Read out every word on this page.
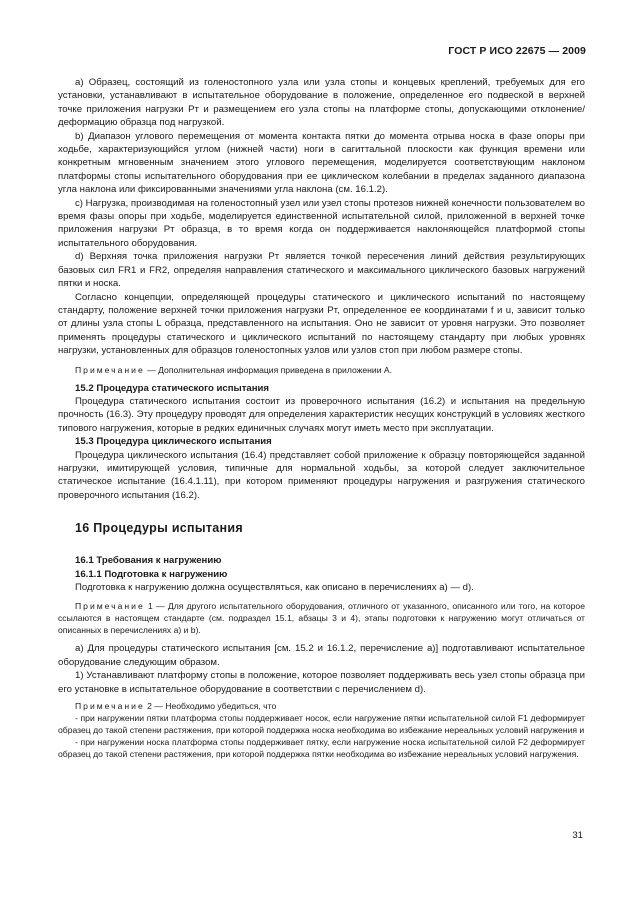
ГОСТ Р ИСО 22675 — 2009

а) Образец, состоящий из голеностопного узла или узла стопы и концевых креплений, требуемых для его установки, устанавливают в испытательное оборудование в положение, определенное его подвеской в верхней точке приложения нагрузки Pт и размещением его узла стопы на платформе стопы, допускающими отклонение/деформацию образца под нагрузкой.

b) Диапазон углового перемещения от момента контакта пятки до момента отрыва носка в фазе опоры при ходьбе, характеризующийся углом (нижней части) ноги в сагиттальной плоскости как функция времени или конкретным мгновенным значением этого углового перемещения, моделируется соответствующим наклоном платформы стопы испытательного оборудования при ее циклическом колебании в пределах заданного диапазона угла наклона или фиксированными значениями угла наклона (см. 16.1.2).

с) Нагрузка, производимая на голеностопный узел или узел стопы протезов нижней конечности пользователем во время фазы опоры при ходьбе, моделируется единственной испытательной силой, приложенной в верхней точке приложения нагрузки Pт образца, в то время когда он поддерживается наклоняющейся платформой стопы испытательного оборудования.

d) Верхняя точка приложения нагрузки Pт является точкой пересечения линий действия результирующих базовых сил FR1 и FR2, определяя направления статического и максимального циклического базовых нагружений пятки и носка.

Согласно концепции, определяющей процедуры статического и циклического испытаний по настоящему стандарту, положение верхней точки приложения нагрузки Pт, определенное ее координатами f и u, зависит только от длины узла стопы L образца, представленного на испытания. Оно не зависит от уровня нагрузки. Это позволяет применять процедуры статического и циклического испытаний по настоящему стандарту при любых уровнях нагрузки, установленных для образцов голеностопных узлов или узлов стоп при любом размере стопы.

Примечание — Дополнительная информация приведена в приложении А.

15.2 Процедура статического испытания

Процедура статического испытания состоит из проверочного испытания (16.2) и испытания на предельную прочность (16.3). Эту процедуру проводят для определения характеристик несущих конструкций в условиях жесткого типового нагружения, которые в редких единичных случаях могут иметь место при эксплуатации.

15.3 Процедура циклического испытания

Процедура циклического испытания (16.4) представляет собой приложение к образцу повторяющейся заданной нагрузки, имитирующей условия, типичные для нормальной ходьбы, за которой следует заключительное статическое испытание (16.4.1.11), при котором применяют процедуры нагружения и разгружения статического проверочного испытания (16.2).

16 Процедуры испытания
16.1 Требования к нагружению
16.1.1 Подготовка к нагружению

Подготовка к нагружению должна осуществляться, как описано в перечислениях а) — d).

Примечание 1 — Для другого испытательного оборудования, отличного от указанного, описанного или того, на которое ссылаются в настоящем стандарте (см. подраздел 15.1, абзацы 3 и 4), этапы подготовки к нагружению могут отличаться от описанных в перечислениях а) и b).

а) Для процедуры статического испытания [см. 15.2 и 16.1.2, перечисление а)] подготавливают испытательное оборудование следующим образом.

1) Устанавливают платформу стопы в положение, которое позволяет поддерживать весь узел стопы образца при его установке в испытательное оборудование в соответствии с перечислением d).

Примечание 2 — Необходимо убедиться, что

- при нагружении пятки платформа стопы поддерживает носок, если нагружение пятки испытательной силой F1 деформирует образец до такой степени растяжения, при которой поддержка носка необходима во избежание нереальных условий нагружения и

- при нагружении носка платформа стопы поддерживает пятку, если нагружение носка испытательной силой F2 деформирует образец до такой степени растяжения, при которой поддержка пятки необходима во избежание нереальных условий нагружения.

31
